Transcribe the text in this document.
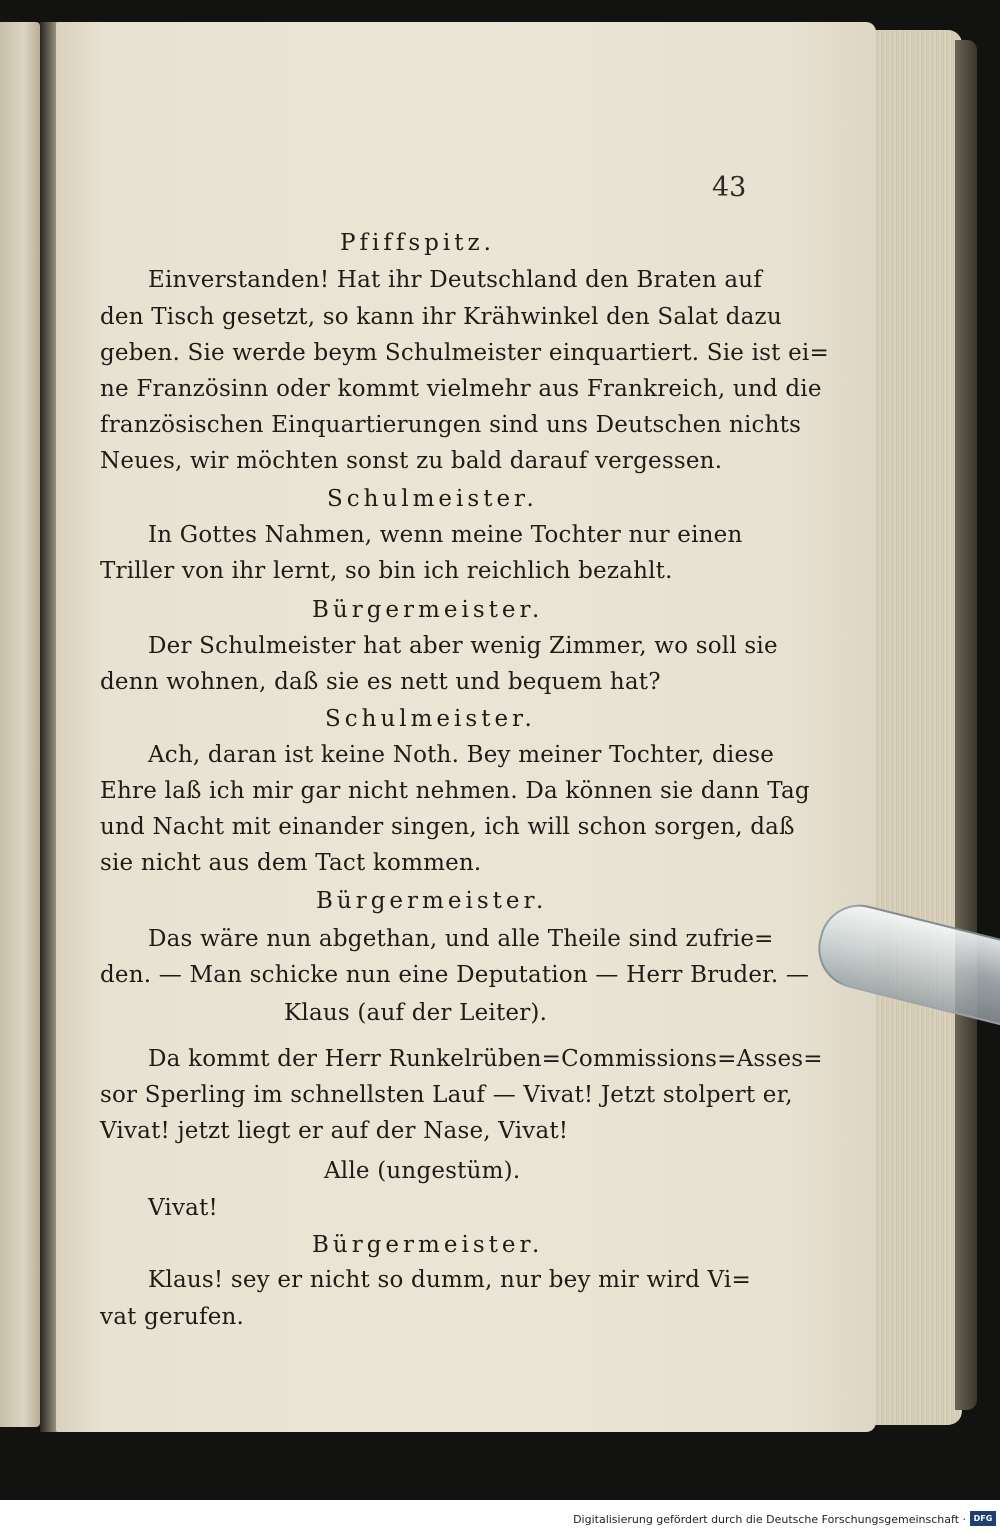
43
Pfiffspitz.
Einverstanden! Hat ihr Deutschland den Braten auf
den Tisch gesetzt, so kann ihr Krähwinkel den Salat dazu
geben. Sie werde beym Schulmeister einquartiert. Sie ist ei=
ne Französinn oder kommt vielmehr aus Frankreich, und die
französischen Einquartierungen sind uns Deutschen nichts
Neues, wir möchten sonst zu bald darauf vergessen.
Schulmeister.
In Gottes Nahmen, wenn meine Tochter nur einen
Triller von ihr lernt, so bin ich reichlich bezahlt.
Bürgermeister.
Der Schulmeister hat aber wenig Zimmer, wo soll sie
denn wohnen, daß sie es nett und bequem hat?
Schulmeister.
Ach, daran ist keine Noth. Bey meiner Tochter, diese
Ehre laß ich mir gar nicht nehmen. Da können sie dann Tag
und Nacht mit einander singen, ich will schon sorgen, daß
sie nicht aus dem Tact kommen.
Bürgermeister.
Das wäre nun abgethan, und alle Theile sind zufrie=
den. — Man schicke nun eine Deputation — Herr Bruder. —
Klaus (auf der Leiter).
Da kommt der Herr Runkelrüben=Commissions=Asses=
sor Sperling im schnellsten Lauf — Vivat! Jetzt stolpert er,
Vivat! jetzt liegt er auf der Nase, Vivat!
Alle (ungestüm).
Vivat!
Bürgermeister.
Klaus! sey er nicht so dumm, nur bey mir wird Vi=
vat gerufen.
Digitalisierung gefördert durch die Deutsche Forschungsgemeinschaft · DFG
